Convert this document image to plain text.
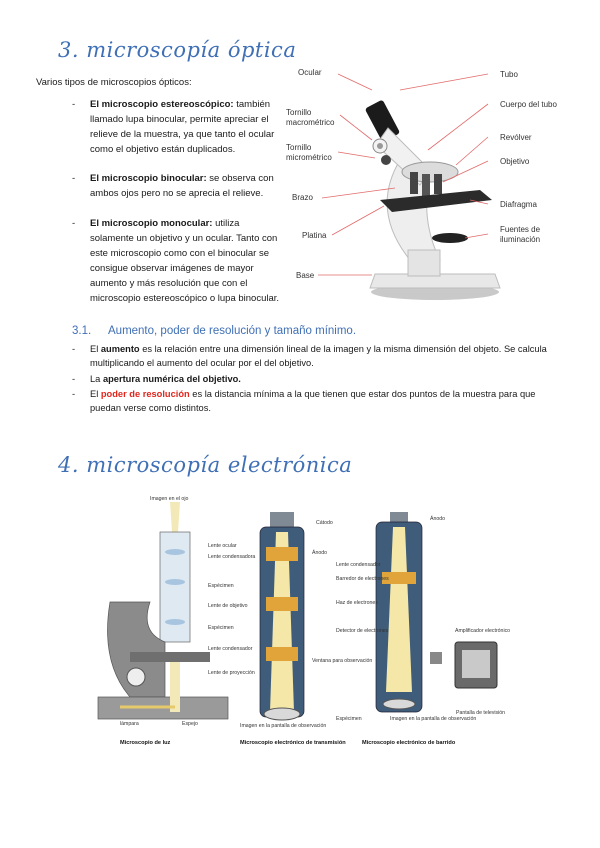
3. microscopía óptica
Varios tipos de microscopios ópticos:
- El microscopio estereoscópico: también llamado lupa binocular, permite apreciar el relieve de la muestra, ya que tanto el ocular como el objetivo están duplicados.
- El microscopio binocular: se observa con ambos ojos pero no se aprecia el relieve.
- El microscopio monocular: utiliza solamente un objetivo y un ocular. Tanto con este microscopio como con el binocular se consigue observar imágenes de mayor aumento y más resolución que con el microscopio estereoscópico o lupa binocular.
Ocular
Tornillo macrométrico
Tornillo micrométrico
Brazo
Platina
Base
Tubo
Cuerpo del tubo
Revólver
Objetivo
Diafragma
Fuentes de iluminación
3.1. Aumento, poder de resolución y tamaño mínimo.
- El aumento es la relación entre una dimensión lineal de la imagen y la misma dimensión del objeto. Se calcula multiplicando el aumento del ocular por el del objetivo.
- La apertura numérica del objetivo.
- El poder de resolución es la distancia mínima a la que tienen que estar dos puntos de la muestra para que puedan verse como distintos.
4. microscopía electrónica
Imagen en el ojo
Lente ocular
Lente condensadora
Espécimen
Lente de objetivo
Espécimen
Lente condensador
Lente de proyección
lámpara	Espejo
Microscopio de luz
Cátodo
Ánodo
Ventana para observación
Imagen en la pantalla de observación
Microscopio electrónico de transmisión
Ánodo
Lente condensador
Barredor de electrones
Haz de electrones
Detector de electrones	Amplificador electrónico
Espécimen	Imagen en la pantalla de observación
Pantalla de televisión
Microscopio electrónico de barrido
